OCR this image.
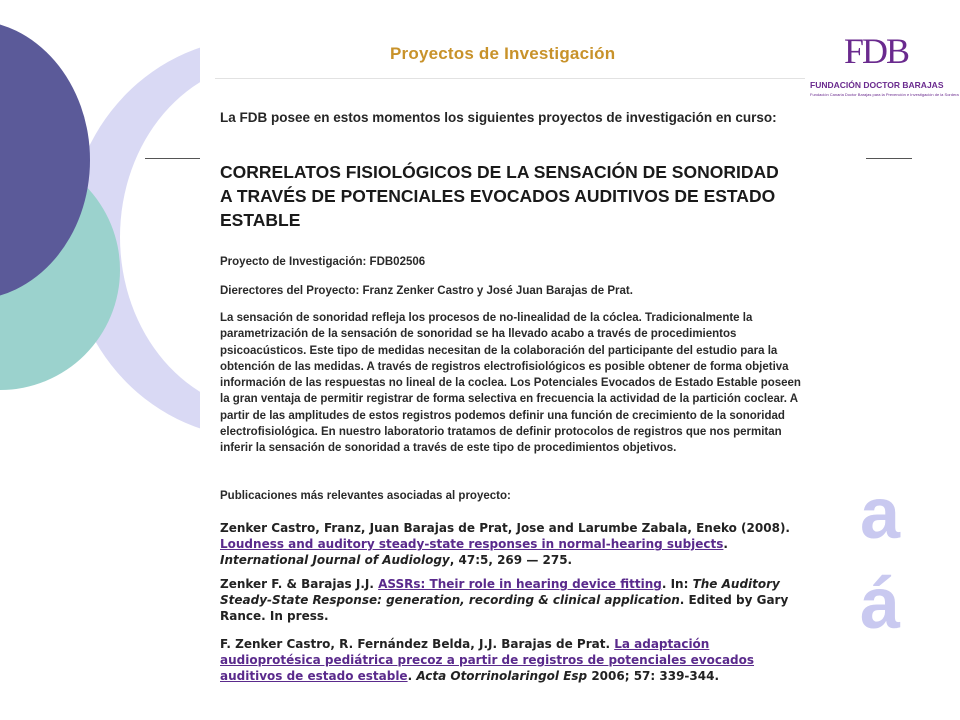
a
á
FDB
FUNDACIÓN DOCTOR BARAJAS
Fundación Canaria Doctor Barajas para la Prevención e Investigación de la Sordera
Proyectos de Investigación
La FDB posee en estos momentos los siguientes proyectos de investigación en curso:
CORRELATOS FISIOLÓGICOS DE LA SENSACIÓN DE SONORIDAD A TRAVÉS DE POTENCIALES EVOCADOS AUDITIVOS DE ESTADO ESTABLE
Proyecto de Investigación: FDB02506
Dierectores del Proyecto: Franz Zenker Castro y José Juan Barajas de Prat.
La sensación de sonoridad refleja los procesos de no-linealidad de la cóclea. Tradicionalmente la parametrización de la sensación de sonoridad se ha llevado acabo a través de procedimientos psicoacústicos. Este tipo de medidas necesitan de la colaboración del participante del estudio para la obtención de las medidas. A través de registros electrofisiológicos es posible obtener de forma objetiva información de las respuestas no lineal de la coclea. Los Potenciales Evocados de Estado Estable poseen la gran ventaja de permitir registrar de forma selectiva en frecuencia la actividad de la partición coclear. A partir de las amplitudes de estos registros podemos definir una función de crecimiento de la sonoridad electrofisiológica. En nuestro laboratorio tratamos de definir protocolos de registros que nos permitan inferir la sensación de sonoridad a través de este tipo de procedimientos objetivos.
Publicaciones más relevantes asociadas al proyecto:
Zenker Castro, Franz, Juan Barajas de Prat, Jose and Larumbe Zabala, Eneko (2008). Loudness and auditory steady-state responses in normal-hearing subjects. International Journal of Audiology, 47:5, 269 — 275.
Zenker F. & Barajas J.J. ASSRs: Their role in hearing device fitting. In: The Auditory Steady-State Response: generation, recording & clinical application. Edited by Gary Rance. In press.
F. Zenker Castro, R. Fernández Belda, J.J. Barajas de Prat. La adaptación audioprotésica pediátrica precoz a partir de registros de potenciales evocados auditivos de estado estable. Acta Otorrinolaringol Esp 2006; 57: 339-344.
